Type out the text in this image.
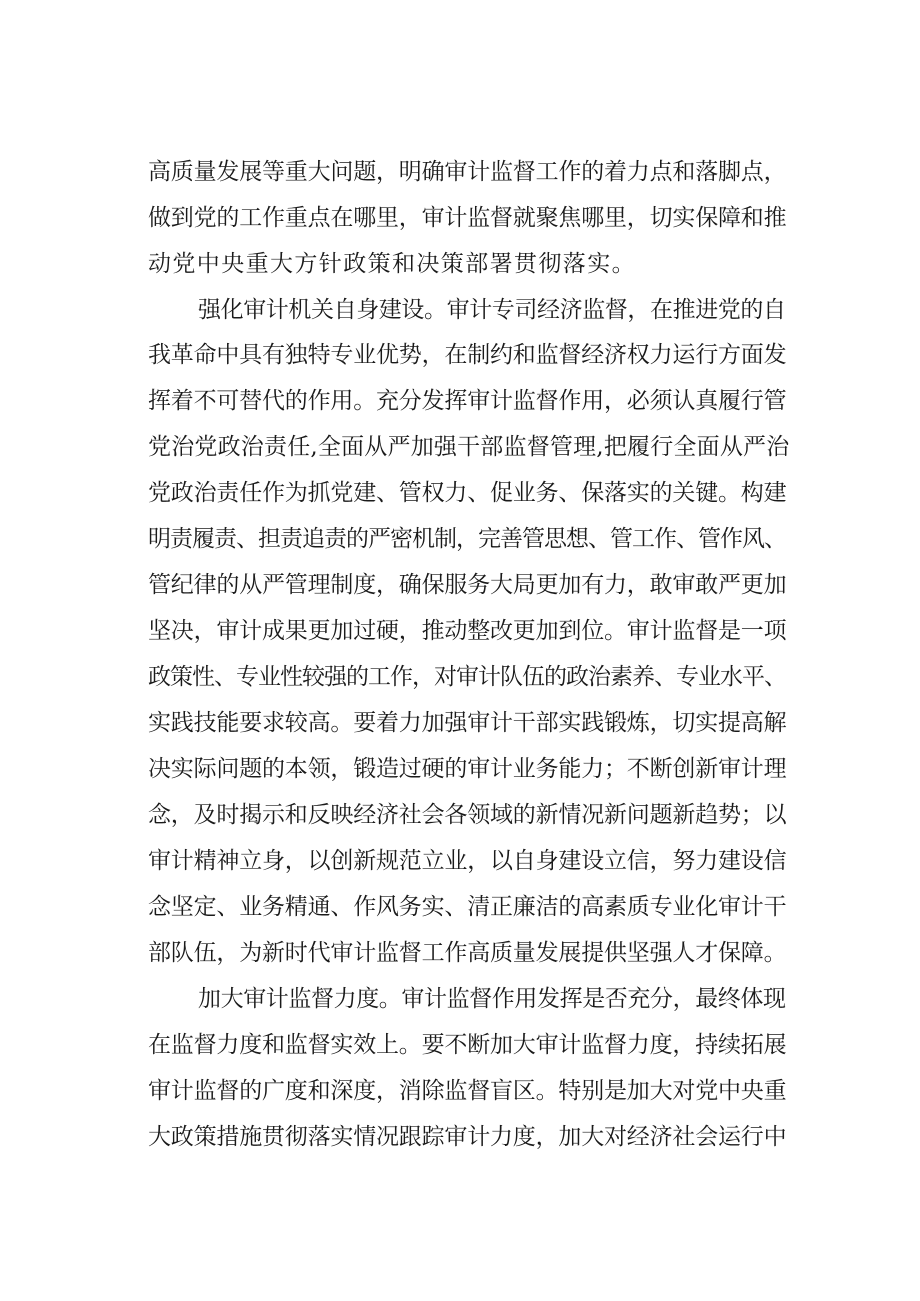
高质量发展等重大问题，明确审计监督工作的着力点和落脚点，
做到党的工作重点在哪里，审计监督就聚焦哪里，切实保障和推
动党中央重大方针政策和决策部署贯彻落实。
强化审计机关自身建设。审计专司经济监督，在推进党的自
我革命中具有独特专业优势，在制约和监督经济权力运行方面发
挥着不可替代的作用。充分发挥审计监督作用，必须认真履行管
党治党政治责任,全面从严加强干部监督管理,把履行全面从严治
党政治责任作为抓党建、管权力、促业务、保落实的关键。构建
明责履责、担责追责的严密机制，完善管思想、管工作、管作风、
管纪律的从严管理制度，确保服务大局更加有力，敢审敢严更加
坚决，审计成果更加过硬，推动整改更加到位。审计监督是一项
政策性、专业性较强的工作，对审计队伍的政治素养、专业水平、
实践技能要求较高。要着力加强审计干部实践锻炼，切实提高解
决实际问题的本领，锻造过硬的审计业务能力；不断创新审计理
念，及时揭示和反映经济社会各领域的新情况新问题新趋势；以
审计精神立身，以创新规范立业，以自身建设立信，努力建设信
念坚定、业务精通、作风务实、清正廉洁的高素质专业化审计干
部队伍，为新时代审计监督工作高质量发展提供坚强人才保障。
加大审计监督力度。审计监督作用发挥是否充分，最终体现
在监督力度和监督实效上。要不断加大审计监督力度，持续拓展
审计监督的广度和深度，消除监督盲区。特别是加大对党中央重
大政策措施贯彻落实情况跟踪审计力度，加大对经济社会运行中
